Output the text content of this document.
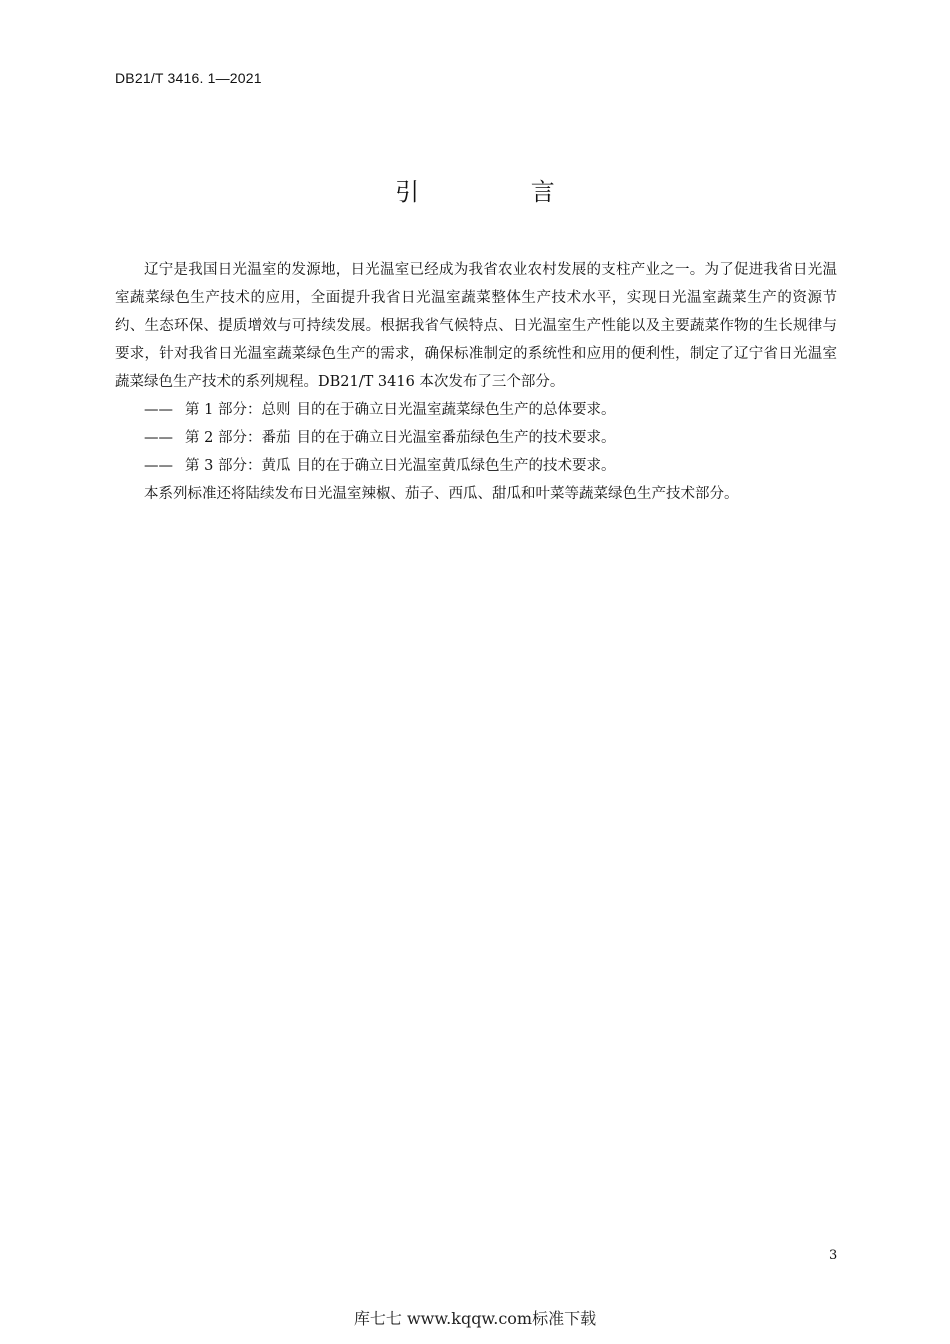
DB21/T 3416. 1—2021
引 言

辽宁是我国日光温室的发源地，日光温室已经成为我省农业农村发展的支柱产业之一。为了促进我省日光温室蔬菜绿色生产技术的应用，全面提升我省日光温室蔬菜整体生产技术水平，实现日光温室蔬菜生产的资源节约、生态环保、提质增效与可持续发展。根据我省气候特点、日光温室生产性能以及主要蔬菜作物的生长规律与要求，针对我省日光温室蔬菜绿色生产的需求，确保标准制定的系统性和应用的便利性，制定了辽宁省日光温室蔬菜绿色生产技术的系列规程。DB21/T 3416 本次发布了三个部分。

—— 第 1 部分：总则 目的在于确立日光温室蔬菜绿色生产的总体要求。

—— 第 2 部分：番茄 目的在于确立日光温室番茄绿色生产的技术要求。

—— 第 3 部分：黄瓜 目的在于确立日光温室黄瓜绿色生产的技术要求。

本系列标准还将陆续发布日光温室辣椒、茄子、西瓜、甜瓜和叶菜等蔬菜绿色生产技术部分。

3
库七七 www.kqqw.com标准下载
